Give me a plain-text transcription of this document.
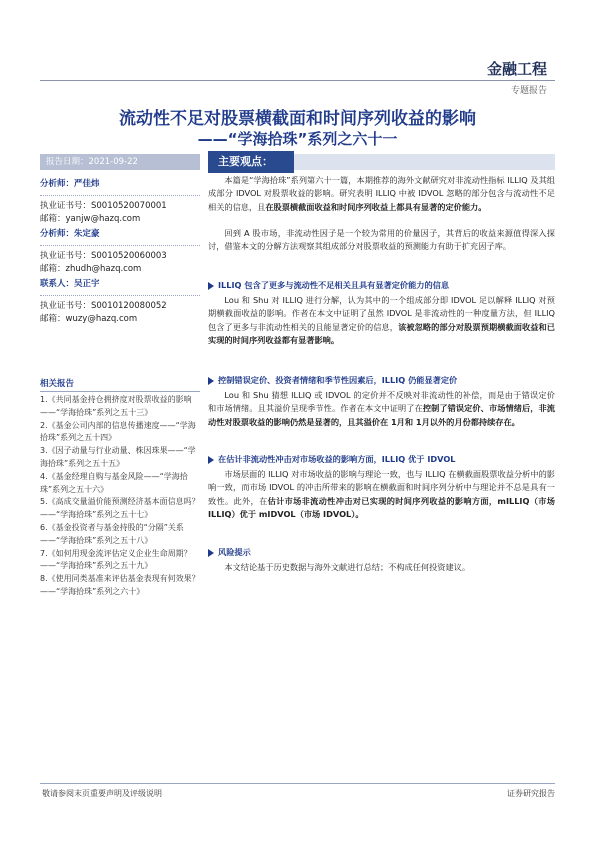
金融工程
专题报告
流动性不足对股票横截面和时间序列收益的影响
——“学海拾珠”系列之六十一
报告日期：2021-09-22	主要观点：
分析师：严佳炜
执业证书号：S0010520070001
邮箱：yanjw@hazq.com
分析师：朱定豪
执业证书号：S0010520060003
邮箱：zhudh@hazq.com
联系人：吴正宇
执业证书号：S0010120080052
邮箱：wuzy@hazq.com
相关报告
1.《共同基金持仓拥挤度对股票收益的影响——“学海拾珠”系列之五十三》
2.《基金公司内部的信息传播速度——“学海拾珠”系列之五十四》
3.《因子动量与行业动量、株因珠果——“学海拾珠”系列之五十五》
4.《基金经理自购与基金风险——“学海拾珠”系列之五十六》
5.《高成交量溢价能预测经济基本面信息吗？——“学海拾珠”系列之五十七》
6.《基金投资者与基金持股的“分隔”关系——“学海拾珠”系列之五十八》
7.《如何用现金流评估定义企业生命周期？——“学海拾珠”系列之五十九》
8.《使用同类基准来评估基金表现有何效果？——“学海拾珠”系列之六十》
本篇是“学海拾珠”系列第六十一篇，本期推荐的海外文献研究对非流动性指标 ILLIQ 及其组成部分 IDVOL 对股票收益的影响。研究表明 ILLIQ 中被 IDVOL 忽略的部分包含与流动性不足相关的信息，且在股票横截面收益和时间序列收益上都具有显著的定价能力。
回到 A 股市场，非流动性因子是一个较为常用的价量因子，其背后的收益来源值得深入探讨，借鉴本文的分解方法观察其组成部分对股票收益的预测能力有助于扩充因子库。
ILLIQ 包含了更多与流动性不足相关且具有显著定价能力的信息
Lou 和 Shu 对 ILLIQ 进行分解，认为其中的一个组成部分即 IDVOL 足以解释 ILLIQ 对预期横截面收益的影响。作者在本文中证明了虽然 IDVOL 是非流动性的一种度量方法，但 ILLIQ 包含了更多与非流动性相关的且能显著定价的信息，该被忽略的部分对股票预期横截面收益和已实现的时间序列收益都有显著影响。
控制错误定价、投资者情绪和季节性因素后，ILLIQ 仍能显著定价
Lou 和 Shu 猜想 ILLIQ 或 IDVOL 的定价并不反映对非流动性的补偿，而是由于错误定价和市场情绪。且其溢价呈现季节性。作者在本文中证明了在控制了错误定价、市场情绪后，非流动性对股票收益的影响仍然是显著的，且其溢价在 1月和 1月以外的月份都持续存在。
在估计非流动性冲击对市场收益的影响方面，ILLIQ 优于 IDVOL
市场层面的 ILLIQ 对市场收益的影响与理论一致，也与 ILLIQ 在横截面股票收益分析中的影响一致，而市场 IDVOL 的冲击所带来的影响在横截面和时间序列分析中与理论并不总是具有一致性。此外，在估计市场非流动性冲击对已实现的时间序列收益的影响方面，mILLIQ（市场 ILLIQ）优于 mIDVOL（市场 IDVOL）。
风险提示
本文结论基于历史数据与海外文献进行总结；不构成任何投资建议。
敬请参阅末页重要声明及评级说明	证券研究报告
